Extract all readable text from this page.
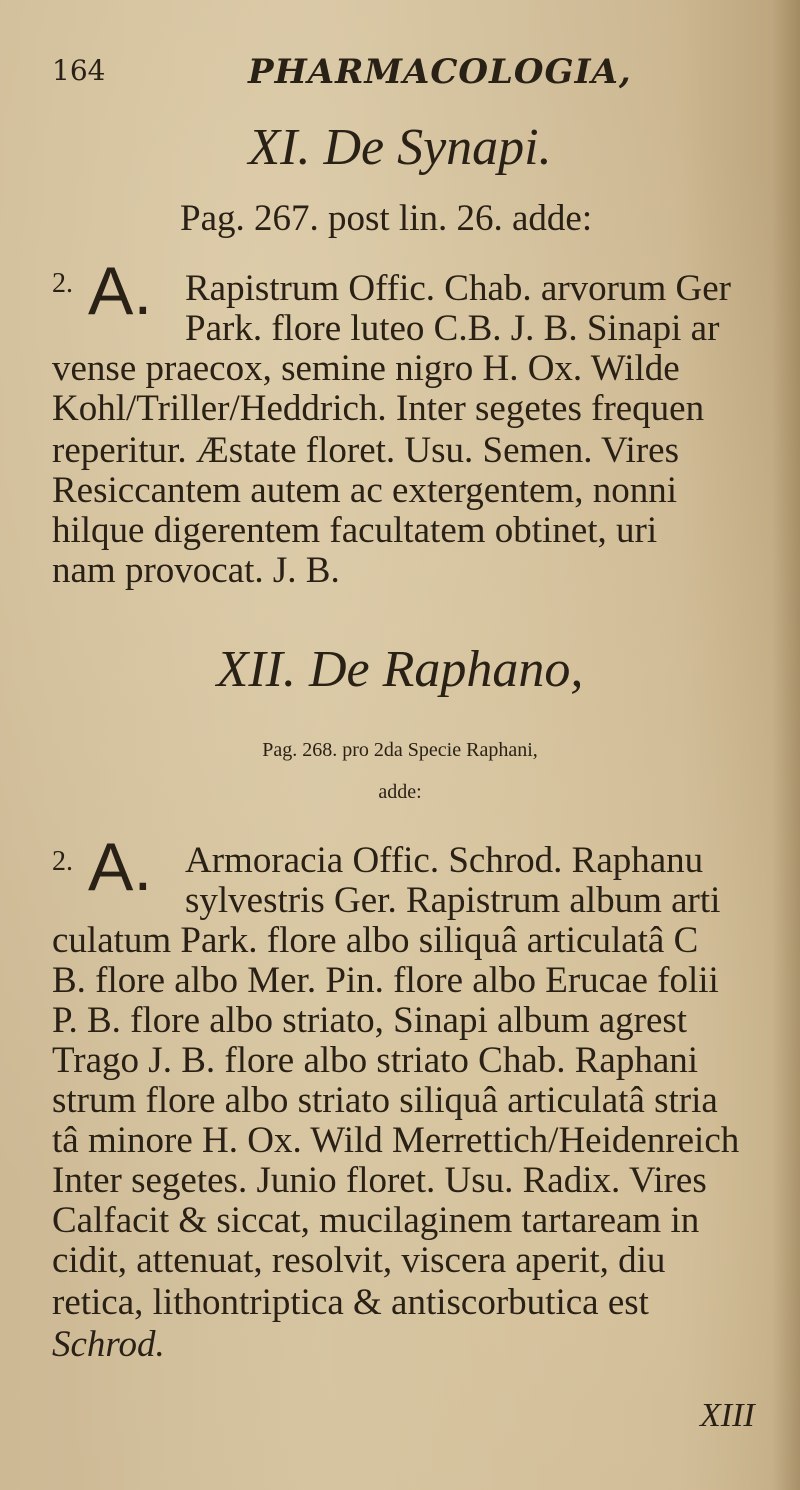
164	PHARMACOLOGIA,
XI. De Synapi.
Pag. 267. post lin. 26. adde:
2. A. Rapistrum Offic. Chab. arvorum Ger
Park. flore luteo C.B. J. B. Sinapi ar
vense praecox, semine nigro H. Ox. Wilde
Kohl/Triller/Heddrich. Inter segetes frequen
reperitur. Æstate floret. Usu. Semen. Vires
Resiccantem autem ac extergentem, nonni
hilque digerentem facultatem obtinet, uri
nam provocat. J. B.
XII. De Raphano,
Pag. 268. pro 2da Specie Raphani,
adde:
2. A. Armoracia Offic. Schrod. Raphanu
sylvestris Ger. Rapistrum album arti
culatum Park. flore albo siliquâ articulatâ C
B. flore albo Mer. Pin. flore albo Erucae folii
P. B. flore albo striato, Sinapi album agrest
Trago J. B. flore albo striato Chab. Raphani
strum flore albo striato siliquâ articulatâ stria
tâ minore H. Ox. Wild Merrettich/Heidenreich
Inter segetes. Junio floret. Usu. Radix. Vires
Calfacit & siccat, mucilaginem tartaream in
cidit, attenuat, resolvit, viscera aperit, diu
retica, lithontriptica & antiscorbutica est
Schrod.
XIII
